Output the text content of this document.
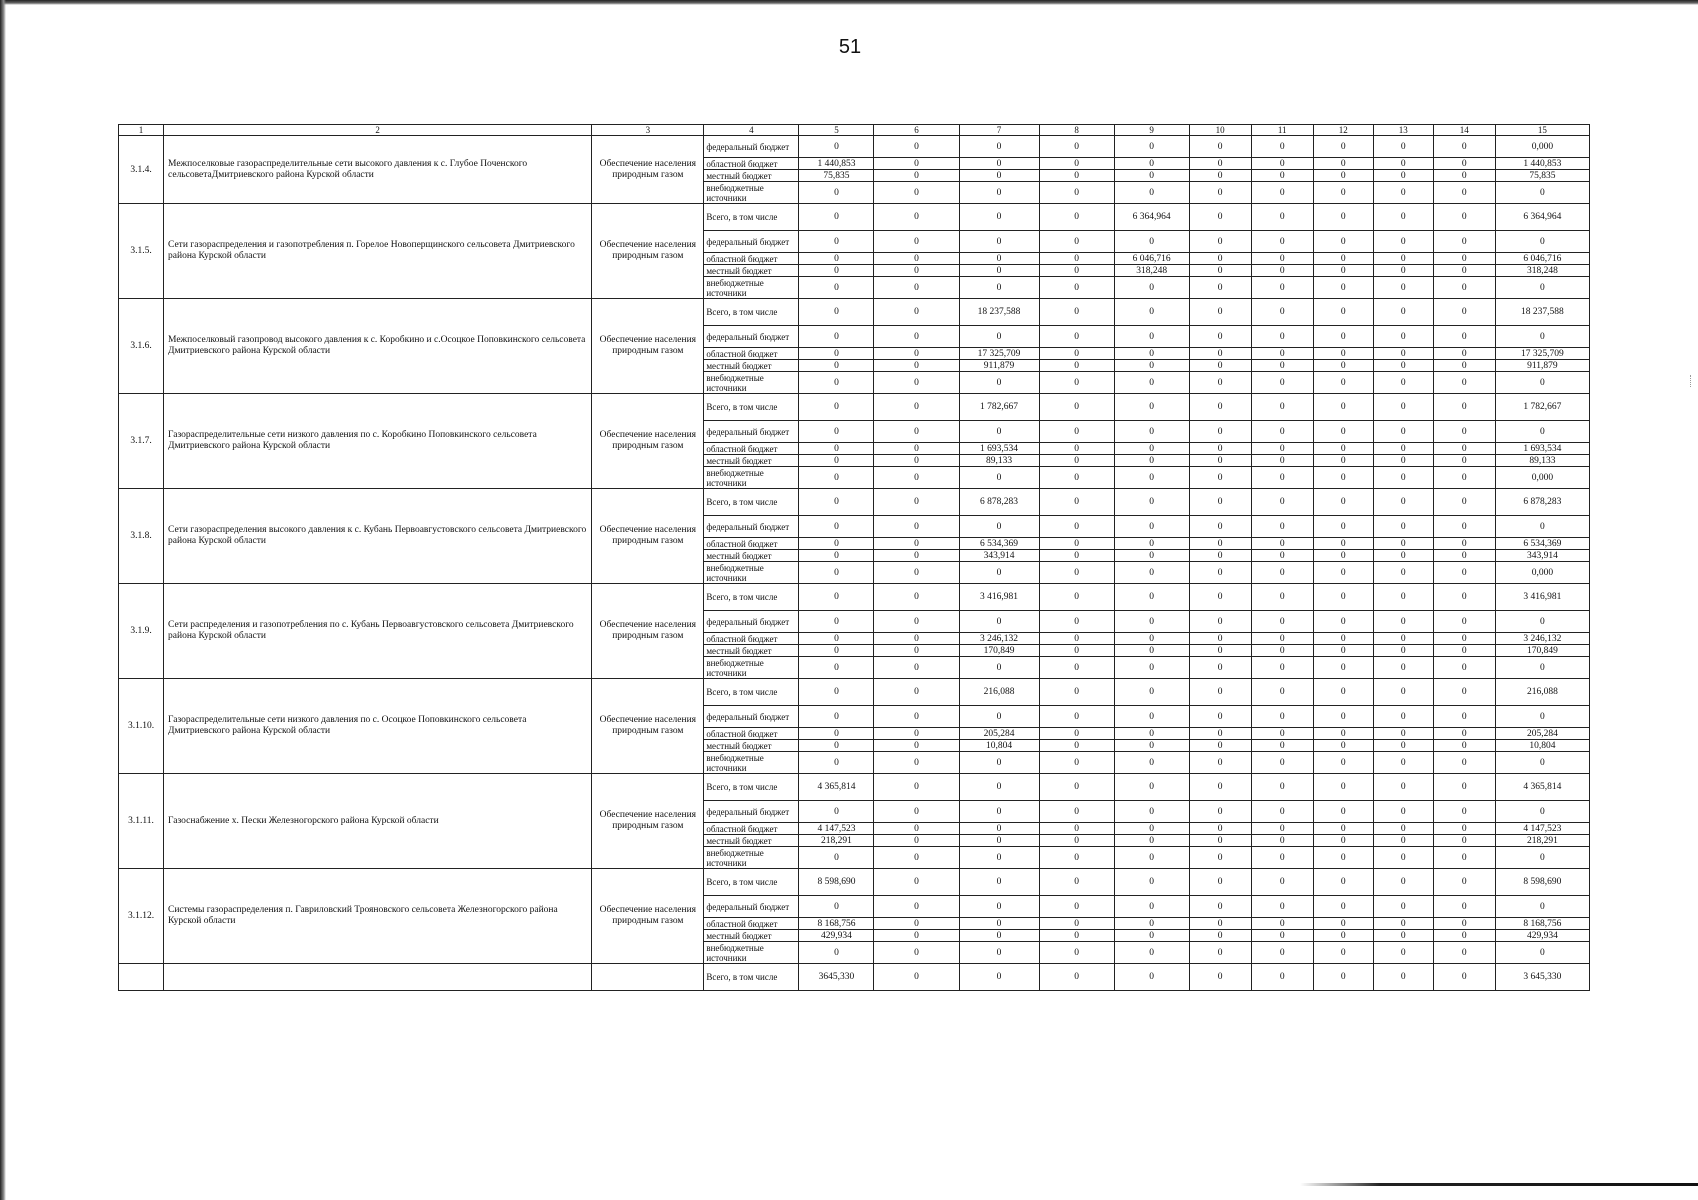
51
1	2	3	4	5	6	7	8	9	10	11	12	13	14	15
3.1.4.	Межпоселковые газораспределительные сети высокого давления к с. Глубое Поченского сельсоветаДмитриевского района Курской области	Обеспечение населения природным газом	федеральный бюджет	0	0	0	0	0	0	0	0	0	0	0,000
			областной бюджет	1 440,853	0	0	0	0	0	0	0	0	0	1 440,853
			местный бюджет	75,835	0	0	0	0	0	0	0	0	0	75,835
			внебюджетные источники	0	0	0	0	0	0	0	0	0	0	0
3.1.5.	Сети газораспределения и газопотребления п. Горелое Новоперщинского сельсовета Дмитриевского района Курской области	Обеспечение населения природным газом	Всего, в том числе	0	0	0	0	6 364,964	0	0	0	0	0	6 364,964
			федеральный бюджет	0	0	0	0	0	0	0	0	0	0	0
			областной бюджет	0	0	0	0	6 046,716	0	0	0	0	0	6 046,716
			местный бюджет	0	0	0	0	318,248	0	0	0	0	0	318,248
			внебюджетные источники	0	0	0	0	0	0	0	0	0	0	0
3.1.6.	Межпоселковый газопровод высокого давления к с. Коробкино и с.Осоцкое Поповкинского сельсовета Дмитриевского района Курской области	Обеспечение населения природным газом	Всего, в том числе	0	0	18 237,588	0	0	0	0	0	0	0	18 237,588
			федеральный бюджет	0	0	0	0	0	0	0	0	0	0	0
			областной бюджет	0	0	17 325,709	0	0	0	0	0	0	0	17 325,709
			местный бюджет	0	0	911,879	0	0	0	0	0	0	0	911,879
			внебюджетные источники	0	0	0	0	0	0	0	0	0	0	0
3.1.7.	Газораспределительные сети низкого давления по с. Коробкино Поповкинского сельсовета Дмитриевского района Курской области	Обеспечение населения природным газом	Всего, в том числе	0	0	1 782,667	0	0	0	0	0	0	0	1 782,667
			федеральный бюджет	0	0	0	0	0	0	0	0	0	0	0
			областной бюджет	0	0	1 693,534	0	0	0	0	0	0	0	1 693,534
			местный бюджет	0	0	89,133	0	0	0	0	0	0	0	89,133
			внебюджетные источники	0	0	0	0	0	0	0	0	0	0	0,000
3.1.8.	Сети газораспределения высокого давления к с. Кубань Первоавгустовского сельсовета Дмитриевского района Курской области	Обеспечение населения природным газом	Всего, в том числе	0	0	6 878,283	0	0	0	0	0	0	0	6 878,283
			федеральный бюджет	0	0	0	0	0	0	0	0	0	0	0
			областной бюджет	0	0	6 534,369	0	0	0	0	0	0	0	6 534,369
			местный бюджет	0	0	343,914	0	0	0	0	0	0	0	343,914
			внебюджетные источники	0	0	0	0	0	0	0	0	0	0	0,000
3.1.9.	Сети распределения и газопотребления по с. Кубань Первоавгустовского сельсовета Дмитриевского района Курской области	Обеспечение населения природным газом	Всего, в том числе	0	0	3 416,981	0	0	0	0	0	0	0	3 416,981
			федеральный бюджет	0	0	0	0	0	0	0	0	0	0	0
			областной бюджет	0	0	3 246,132	0	0	0	0	0	0	0	3 246,132
			местный бюджет	0	0	170,849	0	0	0	0	0	0	0	170,849
			внебюджетные источники	0	0	0	0	0	0	0	0	0	0	0
3.1.10.	Газораспределительные сети низкого давления по с. Осоцкое Поповкинского сельсовета Дмитриевского района Курской области	Обеспечение населения природным газом	Всего, в том числе	0	0	216,088	0	0	0	0	0	0	0	216,088
			федеральный бюджет	0	0	0	0	0	0	0	0	0	0	0
			областной бюджет	0	0	205,284	0	0	0	0	0	0	0	205,284
			местный бюджет	0	0	10,804	0	0	0	0	0	0	0	10,804
			внебюджетные источники	0	0	0	0	0	0	0	0	0	0	0
3.1.11.	Газоснабжение х. Пески Железногорского района Курской области	Обеспечение населения природным газом	Всего, в том числе	4 365,814	0	0	0	0	0	0	0	0	0	4 365,814
			федеральный бюджет	0	0	0	0	0	0	0	0	0	0	0
			областной бюджет	4 147,523	0	0	0	0	0	0	0	0	0	4 147,523
			местный бюджет	218,291	0	0	0	0	0	0	0	0	0	218,291
			внебюджетные источники	0	0	0	0	0	0	0	0	0	0	0
3.1.12.	Системы газораспределения п. Гавриловский Трояновского сельсовета Железногорского района Курской области	Обеспечение населения природным газом	Всего, в том числе	8 598,690	0	0	0	0	0	0	0	0	0	8 598,690
			федеральный бюджет	0	0	0	0	0	0	0	0	0	0	0
			областной бюджет	8 168,756	0	0	0	0	0	0	0	0	0	8 168,756
			местный бюджет	429,934	0	0	0	0	0	0	0	0	0	429,934
			внебюджетные источники	0	0	0	0	0	0	0	0	0	0	0
			Всего, в том числе	3645,330	0	0	0	0	0	0	0	0	0	3 645,330
